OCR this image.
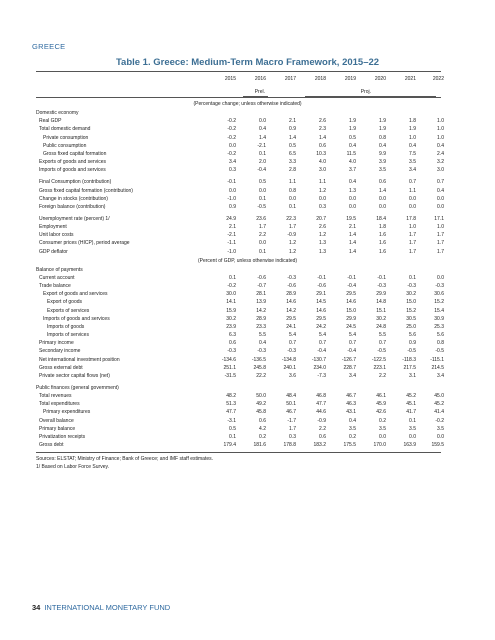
GREECE
Table 1. Greece: Medium-Term Macro Framework, 2015–22
2015	2016	2017	2018	2019	2020	2021	2022
Prel.	Proj.
(Percentage change; unless otherwise indicated)
Domestic economy
Real GDP	-0.2	0.0	2.1	2.6	1.9	1.9	1.8	1.0
Total domestic demand	-0.2	0.4	0.9	2.3	1.9	1.9	1.9	1.0
Private consumption	-0.2	1.4	1.4	1.4	0.5	0.8	1.0	1.0
Public consumption	0.0	-2.1	0.5	0.6	0.4	0.4	0.4	0.4
Gross fixed capital formation	-0.2	0.1	6.5	10.3	11.5	9.9	7.5	2.4
Exports of goods and services	3.4	2.0	3.3	4.0	4.0	3.9	3.5	3.2
Imports of goods and services	0.3	-0.4	2.8	3.0	3.7	3.5	3.4	3.0
Final Consumption (contribution)	-0.1	0.5	1.1	1.1	0.4	0.6	0.7	0.7
Gross fixed capital formation (contribution)	0.0	0.0	0.8	1.2	1.3	1.4	1.1	0.4
Change in stocks (contribution)	-1.0	0.1	0.0	0.0	0.0	0.0	0.0	0.0
Foreign balance (contribution)	0.9	-0.5	0.1	0.3	0.0	0.0	0.0	0.0
Unemployment rate (percent) 1/	24.9	23.6	22.3	20.7	19.5	18.4	17.8	17.1
Employment	2.1	1.7	1.7	2.6	2.1	1.8	1.0	1.0
Unit labor costs	-2.1	2.2	-0.9	1.2	1.4	1.6	1.7	1.7
Consumer prices (HICP), period average	-1.1	0.0	1.2	1.3	1.4	1.6	1.7	1.7
GDP deflator	-1.0	0.1	1.2	1.3	1.4	1.6	1.7	1.7
(Percent of GDP, unless otherwise indicated)
Balance of payments
Current account	0.1	-0.6	-0.3	-0.1	-0.1	-0.1	0.1	0.0
Trade balance	-0.2	-0.7	-0.6	-0.6	-0.4	-0.3	-0.3	-0.3
Export of goods and services	30.0	28.1	28.9	29.1	29.5	29.9	30.2	30.6
Export of goods	14.1	13.9	14.6	14.5	14.6	14.8	15.0	15.2
Exports of services	15.9	14.2	14.2	14.6	15.0	15.1	15.2	15.4
Imports of goods and services	30.2	28.9	29.5	29.5	29.9	30.2	30.5	30.9
Imports of goods	23.9	23.3	24.1	24.2	24.5	24.8	25.0	25.3
Imports of services	6.3	5.5	5.4	5.4	5.4	5.5	5.6	5.6
Primary income	0.6	0.4	0.7	0.7	0.7	0.7	0.9	0.8
Secondary income	-0.3	-0.3	-0.3	-0.4	-0.4	-0.5	-0.5	-0.5
Net international investment position	-134.6	-136.5	-134.8	-130.7	-126.7	-122.5	-118.3	-115.1
Gross external debt	251.1	245.8	240.1	234.0	228.7	223.1	217.5	214.5
Private sector capital flows (net)	-31.5	22.2	3.6	-7.3	3.4	2.2	3.1	3.4
Public finances (general government)
Total revenues	48.2	50.0	48.4	46.8	46.7	46.1	45.2	45.0
Total expenditures	51.3	49.2	50.1	47.7	46.3	45.9	45.1	45.2
Primary expenditures	47.7	45.8	46.7	44.6	43.1	42.6	41.7	41.4
Overall balance	-3.1	0.6	-1.7	-0.9	0.4	0.2	0.1	-0.2
Primary balance	0.5	4.2	1.7	2.2	3.5	3.5	3.5	3.5
Privatization receipts	0.1	0.2	0.3	0.6	0.2	0.0	0.0	0.0
Gross debt	179.4	181.6	178.8	183.2	175.5	170.0	163.9	159.5
Sources: ELSTAT; Ministry of Finance; Bank of Greece; and IMF staff estimates.
1/ Based on Labor Force Survey.
34 INTERNATIONAL MONETARY FUND
